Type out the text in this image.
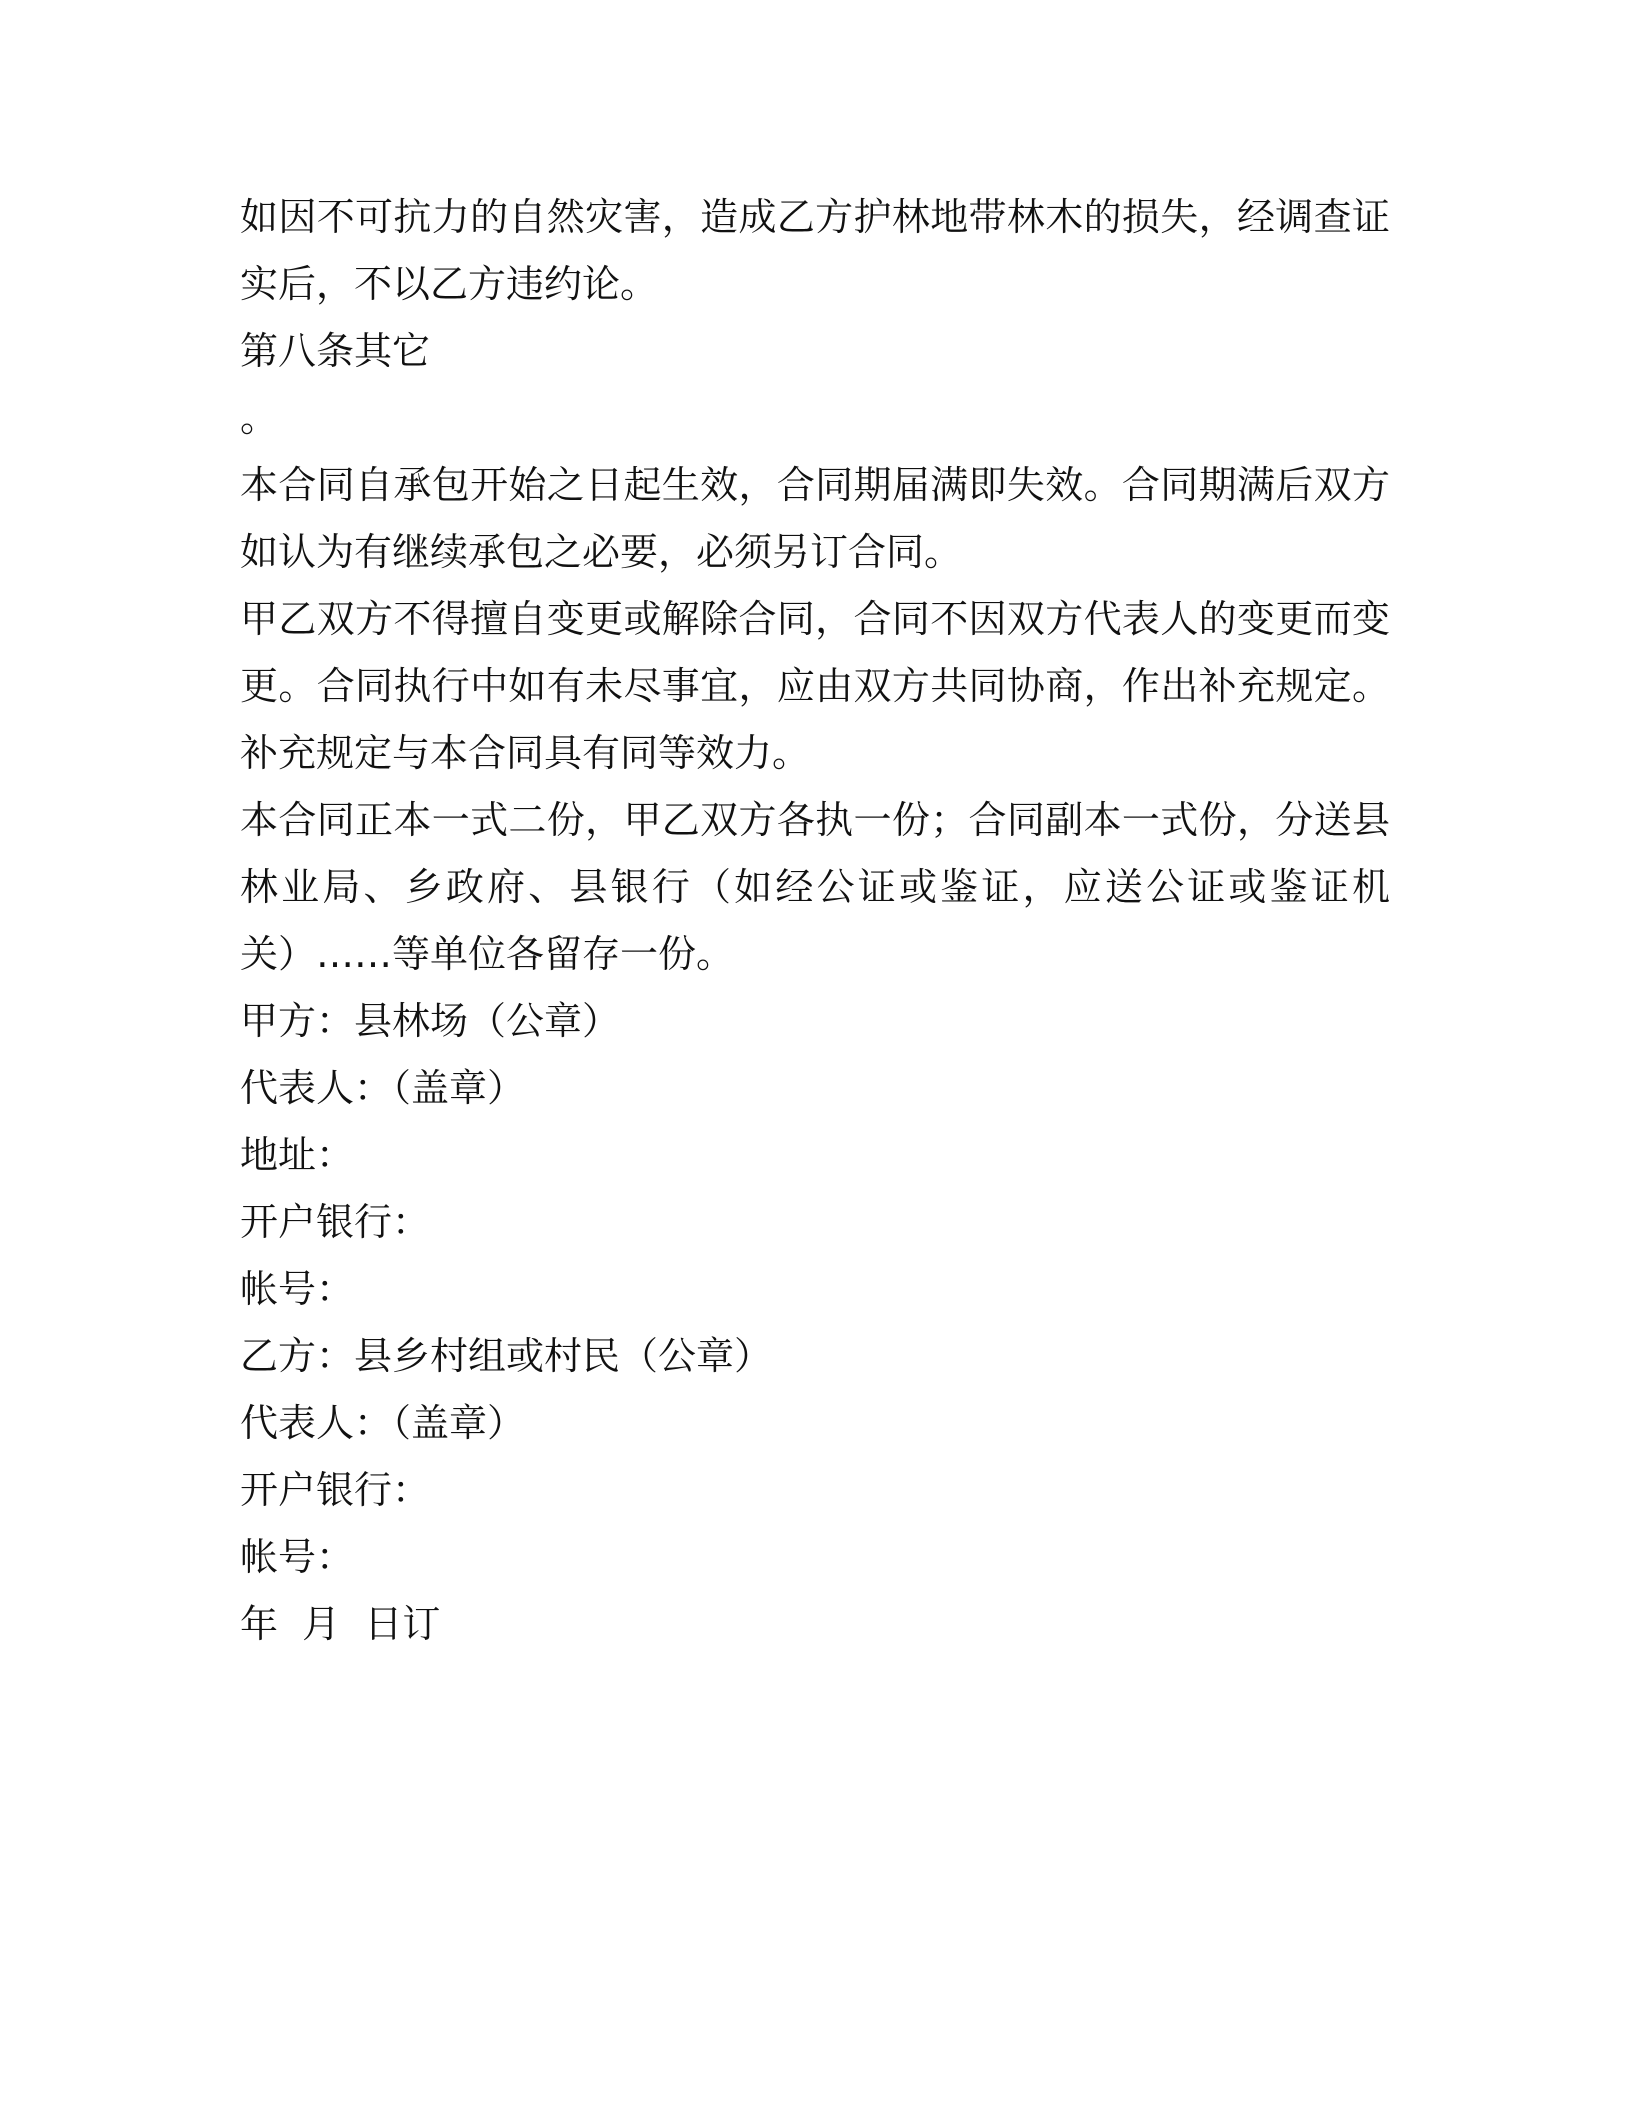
如因不可抗力的自然灾害，造成乙方护林地带林木的损失，经调查证实后，不以乙方违约论。

第八条其它

。

本合同自承包开始之日起生效，合同期届满即失效。合同期满后双方如认为有继续承包之必要，必须另订合同。

甲乙双方不得擅自变更或解除合同，合同不因双方代表人的变更而变更。合同执行中如有未尽事宜，应由双方共同协商，作出补充规定。补充规定与本合同具有同等效力。

本合同正本一式二份，甲乙双方各执一份；合同副本一式份，分送县林业局、乡政府、县银行（如经公证或鉴证，应送公证或鉴证机关）……等单位各留存一份。

甲方：县林场（公章）

代表人：（盖章）

地址：

开户银行：

帐号：

乙方：县乡村组或村民（公章）

代表人：（盖章）

开户银行：

帐号：

年  月  日订
